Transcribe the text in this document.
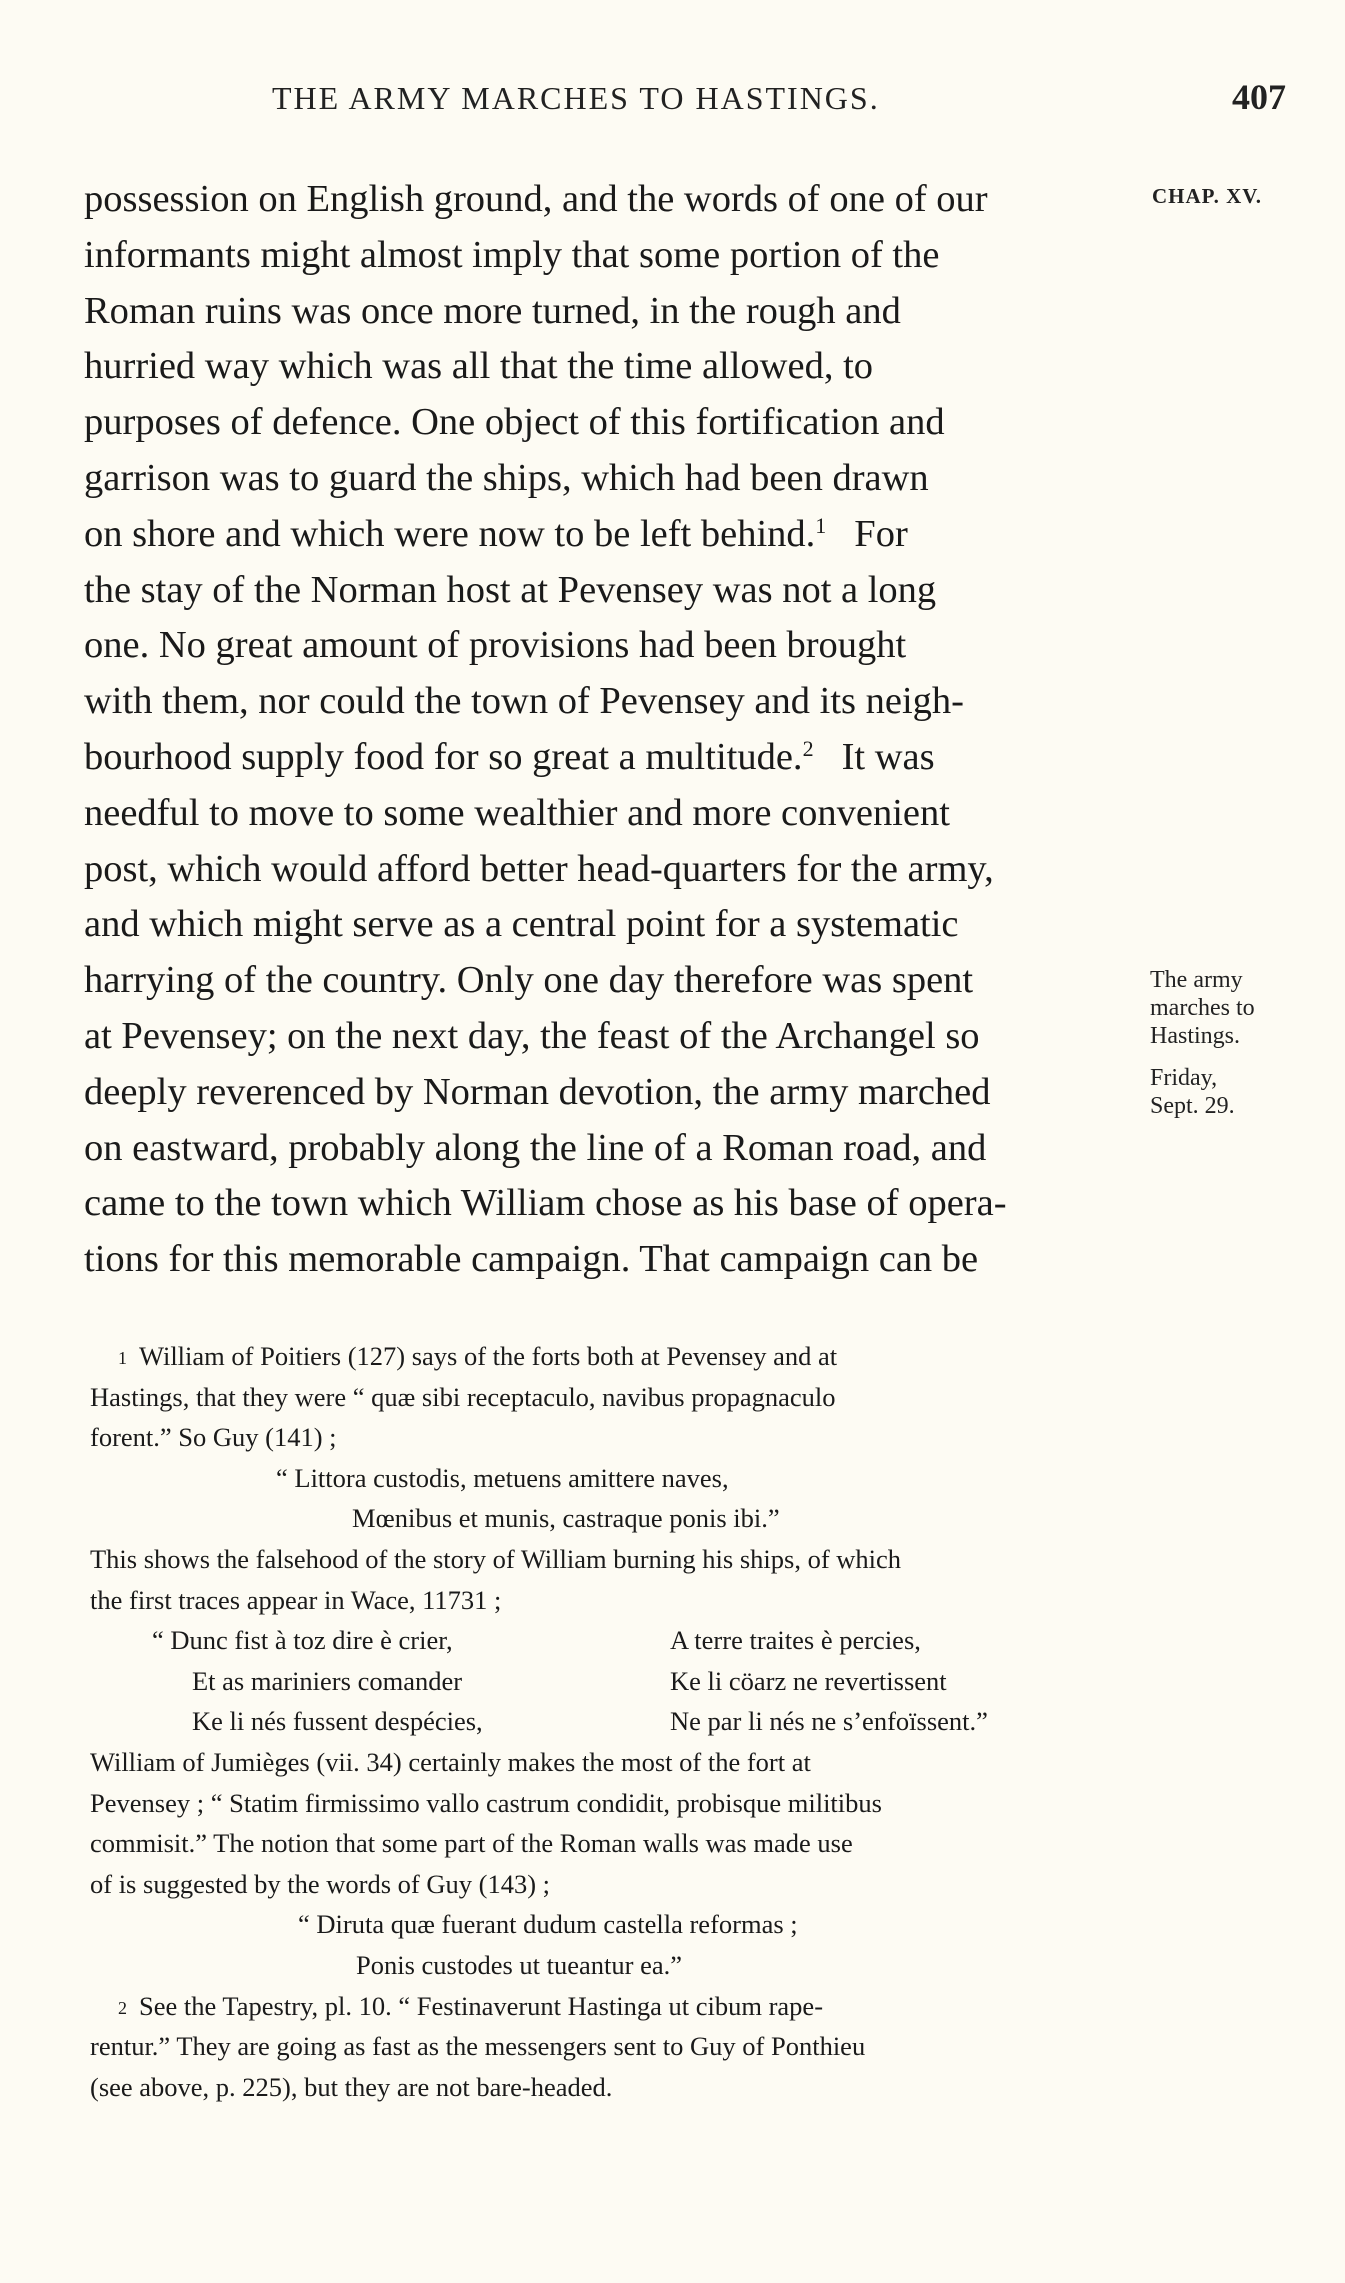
THE ARMY MARCHES TO HASTINGS.	407
CHAP. XV.
The army
marches to
Hastings.
Friday,
Sept. 29.
possession on English ground, and the words of one of our
informants might almost imply that some portion of the
Roman ruins was once more turned, in the rough and
hurried way which was all that the time allowed, to
purposes of defence. One object of this fortification and
garrison was to guard the ships, which had been drawn
on shore and which were now to be left behind.$^1$ For
the stay of the Norman host at Pevensey was not a long
one. No great amount of provisions had been brought
with them, nor could the town of Pevensey and its neigh-
bourhood supply food for so great a multitude.$^2$ It was
needful to move to some wealthier and more convenient
post, which would afford better head-quarters for the army,
and which might serve as a central point for a systematic
harrying of the country. Only one day therefore was spent
at Pevensey; on the next day, the feast of the Archangel so
deeply reverenced by Norman devotion, the army marched
on eastward, probably along the line of a Roman road, and
came to the town which William chose as his base of opera-
tions for this memorable campaign. That campaign can be
$^1$ William of Poitiers (127) says of the forts both at Pevensey and at
Hastings, that they were “ quæ sibi receptaculo, navibus propagnaculo
forent.” So Guy (141) ;
“ Littora custodis, metuens amittere naves,
Mœnibus et munis, castraque ponis ibi.”
This shows the falsehood of the story of William burning his ships, of which
the first traces appear in Wace, 11731 ;
“ Dunc fist à toz dire è crier,	A terre traites è percies,
Et as mariniers comander	Ke li cöarz ne revertissent
Ke li nés fussent despécies,	Ne par li nés ne s’enfoïssent.”
William of Jumièges (vii. 34) certainly makes the most of the fort at
Pevensey ; “ Statim firmissimo vallo castrum condidit, probisque militibus
commisit.” The notion that some part of the Roman walls was made use
of is suggested by the words of Guy (143) ;
“ Diruta quæ fuerant dudum castella reformas ;
Ponis custodes ut tueantur ea.”
$^2$ See the Tapestry, pl. 10. “ Festinaverunt Hastinga ut cibum rape-
rentur.” They are going as fast as the messengers sent to Guy of Ponthieu
(see above, p. 225), but they are not bare-headed.
